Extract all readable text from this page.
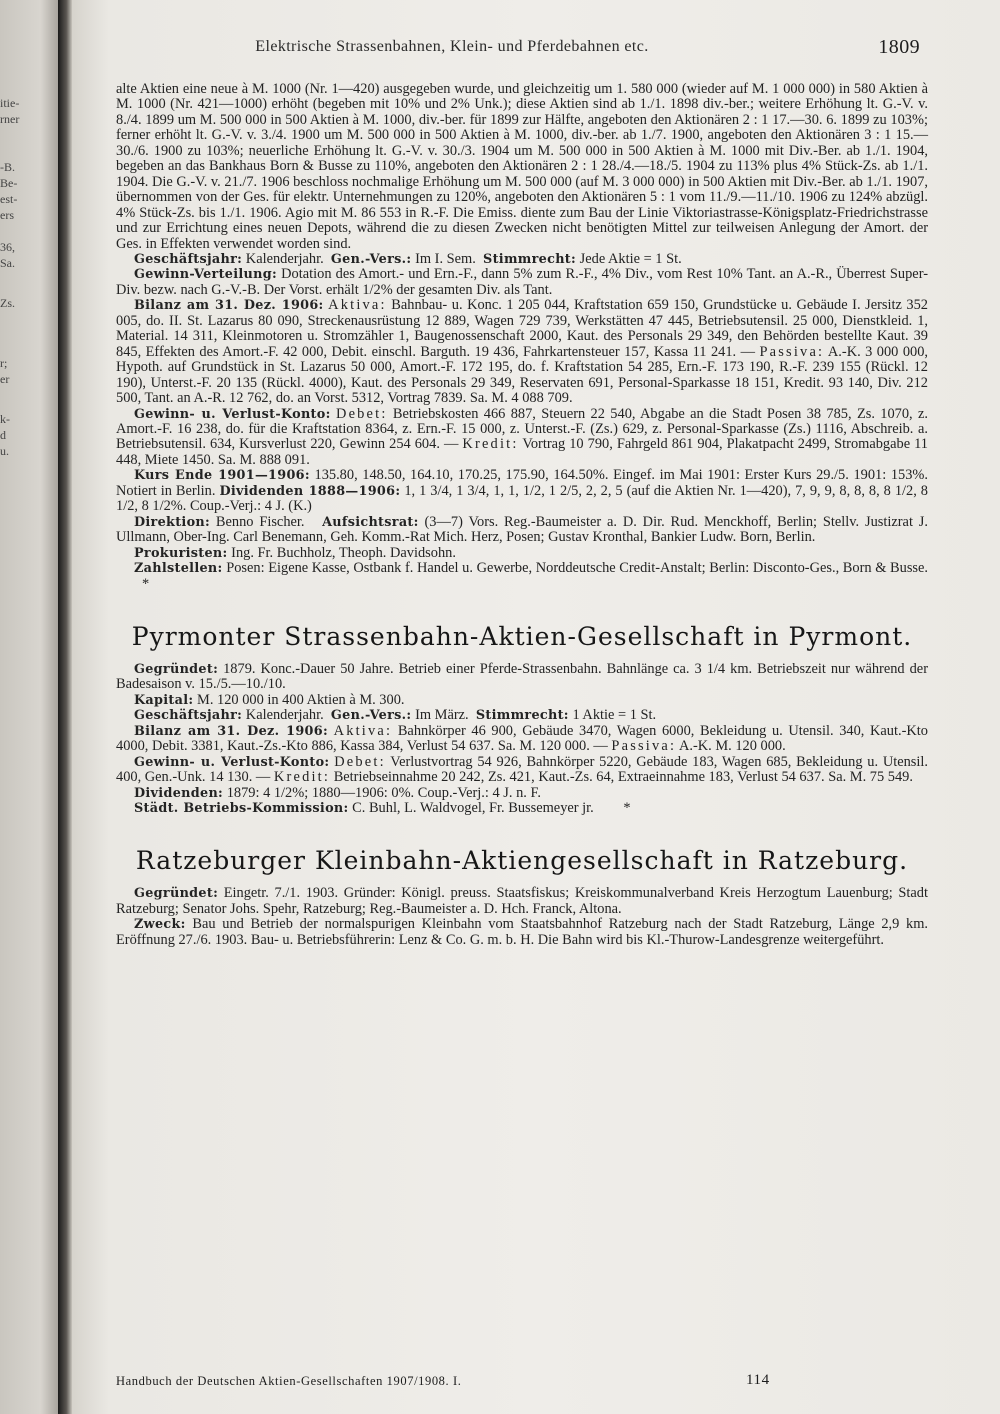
itie-
rner
-B.
Be-
est-
ers
36,
Sa.
Zs.
r;
er
k-
d
u.
Elektrische Strassenbahnen, Klein- und Pferdebahnen etc.	1809

alte Aktien eine neue à M. 1000 (Nr. 1—420) ausgegeben wurde, und gleichzeitig um 1. 580 000 (wieder auf M. 1 000 000) in 580 Aktien à M. 1000 (Nr. 421—1000) erhöht (begeben mit 10% und 2% Unk.); diese Aktien sind ab 1./1. 1898 div.-ber.; weitere Erhöhung lt. G.-V. v. 8./4. 1899 um M. 500 000 in 500 Aktien à M. 1000, div.-ber. für 1899 zur Hälfte, angeboten den Aktionären 2 : 1 17.—30. 6. 1899 zu 103%; ferner erhöht lt. G.-V. v. 3./4. 1900 um M. 500 000 in 500 Aktien à M. 1000, div.-ber. ab 1./7. 1900, angeboten den Aktionären 3 : 1 15.—30./6. 1900 zu 103%; neuerliche Erhöhung lt. G.-V. v. 30./3. 1904 um M. 500 000 in 500 Aktien à M. 1000 mit Div.-Ber. ab 1./1. 1904, begeben an das Bankhaus Born & Busse zu 110%, angeboten den Aktionären 2 : 1 28./4.—18./5. 1904 zu 113% plus 4% Stück-Zs. ab 1./1. 1904. Die G.-V. v. 21./7. 1906 beschloss nochmalige Erhöhung um M. 500 000 (auf M. 3 000 000) in 500 Aktien mit Div.-Ber. ab 1./1. 1907, übernommen von der Ges. für elektr. Unternehmungen zu 120%, angeboten den Aktionären 5 : 1 vom 11./9.—11./10. 1906 zu 124% abzügl. 4% Stück-Zs. bis 1./1. 1906. Agio mit M. 86 553 in R.-F. Die Emiss. diente zum Bau der Linie Viktoriastrasse-Königsplatz-Friedrichstrasse und zur Errichtung eines neuen Depots, während die zu diesen Zwecken nicht benötigten Mittel zur teilweisen Anlegung der Amort. der Ges. in Effekten verwendet worden sind.

Geschäftsjahr: Kalenderjahr. Gen.-Vers.: Im I. Sem. Stimmrecht: Jede Aktie = 1 St.

Gewinn-Verteilung: Dotation des Amort.- und Ern.-F., dann 5% zum R.-F., 4% Div., vom Rest 10% Tant. an A.-R., Überrest Super-Div. bezw. nach G.-V.-B. Der Vorst. erhält 1/2% der gesamten Div. als Tant.

Bilanz am 31. Dez. 1906: Aktiva: Bahnbau- u. Konc. 1 205 044, Kraftstation 659 150, Grundstücke u. Gebäude I. Jersitz 352 005, do. II. St. Lazarus 80 090, Streckenausrüstung 12 889, Wagen 729 739, Werkstätten 47 445, Betriebsutensil. 25 000, Dienstkleid. 1, Material. 14 311, Kleinmotoren u. Stromzähler 1, Baugenossenschaft 2000, Kaut. des Personals 29 349, den Behörden bestellte Kaut. 39 845, Effekten des Amort.-F. 42 000, Debit. einschl. Barguth. 19 436, Fahrkartensteuer 157, Kassa 11 241. — Passiva: A.-K. 3 000 000, Hypoth. auf Grundstück in St. Lazarus 50 000, Amort.-F. 172 195, do. f. Kraftstation 54 285, Ern.-F. 173 190, R.-F. 239 155 (Rückl. 12 190), Unterst.-F. 20 135 (Rückl. 4000), Kaut. des Personals 29 349, Reservaten 691, Personal-Sparkasse 18 151, Kredit. 93 140, Div. 212 500, Tant. an A.-R. 12 762, do. an Vorst. 5312, Vortrag 7839. Sa. M. 4 088 709.

Gewinn- u. Verlust-Konto: Debet: Betriebskosten 466 887, Steuern 22 540, Abgabe an die Stadt Posen 38 785, Zs. 1070, z. Amort.-F. 16 238, do. für die Kraftstation 8364, z. Ern.-F. 15 000, z. Unterst.-F. (Zs.) 629, z. Personal-Sparkasse (Zs.) 1116, Abschreib. a. Betriebsutensil. 634, Kursverlust 220, Gewinn 254 604. — Kredit: Vortrag 10 790, Fahrgeld 861 904, Plakatpacht 2499, Stromabgabe 11 448, Miete 1450. Sa. M. 888 091.

Kurs Ende 1901—1906: 135.80, 148.50, 164.10, 170.25, 175.90, 164.50%. Eingef. im Mai 1901: Erster Kurs 29./5. 1901: 153%. Notiert in Berlin. Dividenden 1888—1906: 1, 1 3/4, 1 3/4, 1, 1, 1/2, 1 2/5, 2, 2, 5 (auf die Aktien Nr. 1—420), 7, 9, 9, 8, 8, 8, 8 1/2, 8 1/2, 8 1/2%. Coup.-Verj.: 4 J. (K.)

Direktion: Benno Fischer. Aufsichtsrat: (3—7) Vors. Reg.-Baumeister a. D. Dir. Rud. Menckhoff, Berlin; Stellv. Justizrat J. Ullmann, Ober-Ing. Carl Benemann, Geh. Komm.-Rat Mich. Herz, Posen; Gustav Kronthal, Bankier Ludw. Born, Berlin.

Prokuristen: Ing. Fr. Buchholz, Theoph. Davidsohn.

Zahlstellen: Posen: Eigene Kasse, Ostbank f. Handel u. Gewerbe, Norddeutsche Credit-Anstalt; Berlin: Disconto-Ges., Born & Busse. *

Pyrmonter Strassenbahn-Aktien-Gesellschaft in Pyrmont.

Gegründet: 1879. Konc.-Dauer 50 Jahre. Betrieb einer Pferde-Strassenbahn. Bahnlänge ca. 3 1/4 km. Betriebszeit nur während der Badesaison v. 15./5.—10./10.

Kapital: M. 120 000 in 400 Aktien à M. 300.

Geschäftsjahr: Kalenderjahr. Gen.-Vers.: Im März. Stimmrecht: 1 Aktie = 1 St.

Bilanz am 31. Dez. 1906: Aktiva: Bahnkörper 46 900, Gebäude 3470, Wagen 6000, Bekleidung u. Utensil. 340, Kaut.-Kto 4000, Debit. 3381, Kaut.-Zs.-Kto 886, Kassa 384, Verlust 54 637. Sa. M. 120 000. — Passiva: A.-K. M. 120 000.

Gewinn- u. Verlust-Konto: Debet: Verlustvortrag 54 926, Bahnkörper 5220, Gebäude 183, Wagen 685, Bekleidung u. Utensil. 400, Gen.-Unk. 14 130. — Kredit: Betriebseinnahme 20 242, Zs. 421, Kaut.-Zs. 64, Extraeinnahme 183, Verlust 54 637. Sa. M. 75 549.

Dividenden: 1879: 4 1/2%; 1880—1906: 0%. Coup.-Verj.: 4 J. n. F.

Städt. Betriebs-Kommission: C. Buhl, L. Waldvogel, Fr. Bussemeyer jr. *

Ratzeburger Kleinbahn-Aktiengesellschaft in Ratzeburg.

Gegründet: Eingetr. 7./1. 1903. Gründer: Königl. preuss. Staatsfiskus; Kreiskommunalverband Kreis Herzogtum Lauenburg; Stadt Ratzeburg; Senator Johs. Spehr, Ratzeburg; Reg.-Baumeister a. D. Hch. Franck, Altona.

Zweck: Bau und Betrieb der normalspurigen Kleinbahn vom Staatsbahnhof Ratzeburg nach der Stadt Ratzeburg, Länge 2,9 km. Eröffnung 27./6. 1903. Bau- u. Betriebsführerin: Lenz & Co. G. m. b. H. Die Bahn wird bis Kl.-Thurow-Landesgrenze weitergeführt.

Handbuch der Deutschen Aktien-Gesellschaften 1907/1908. I.	114
